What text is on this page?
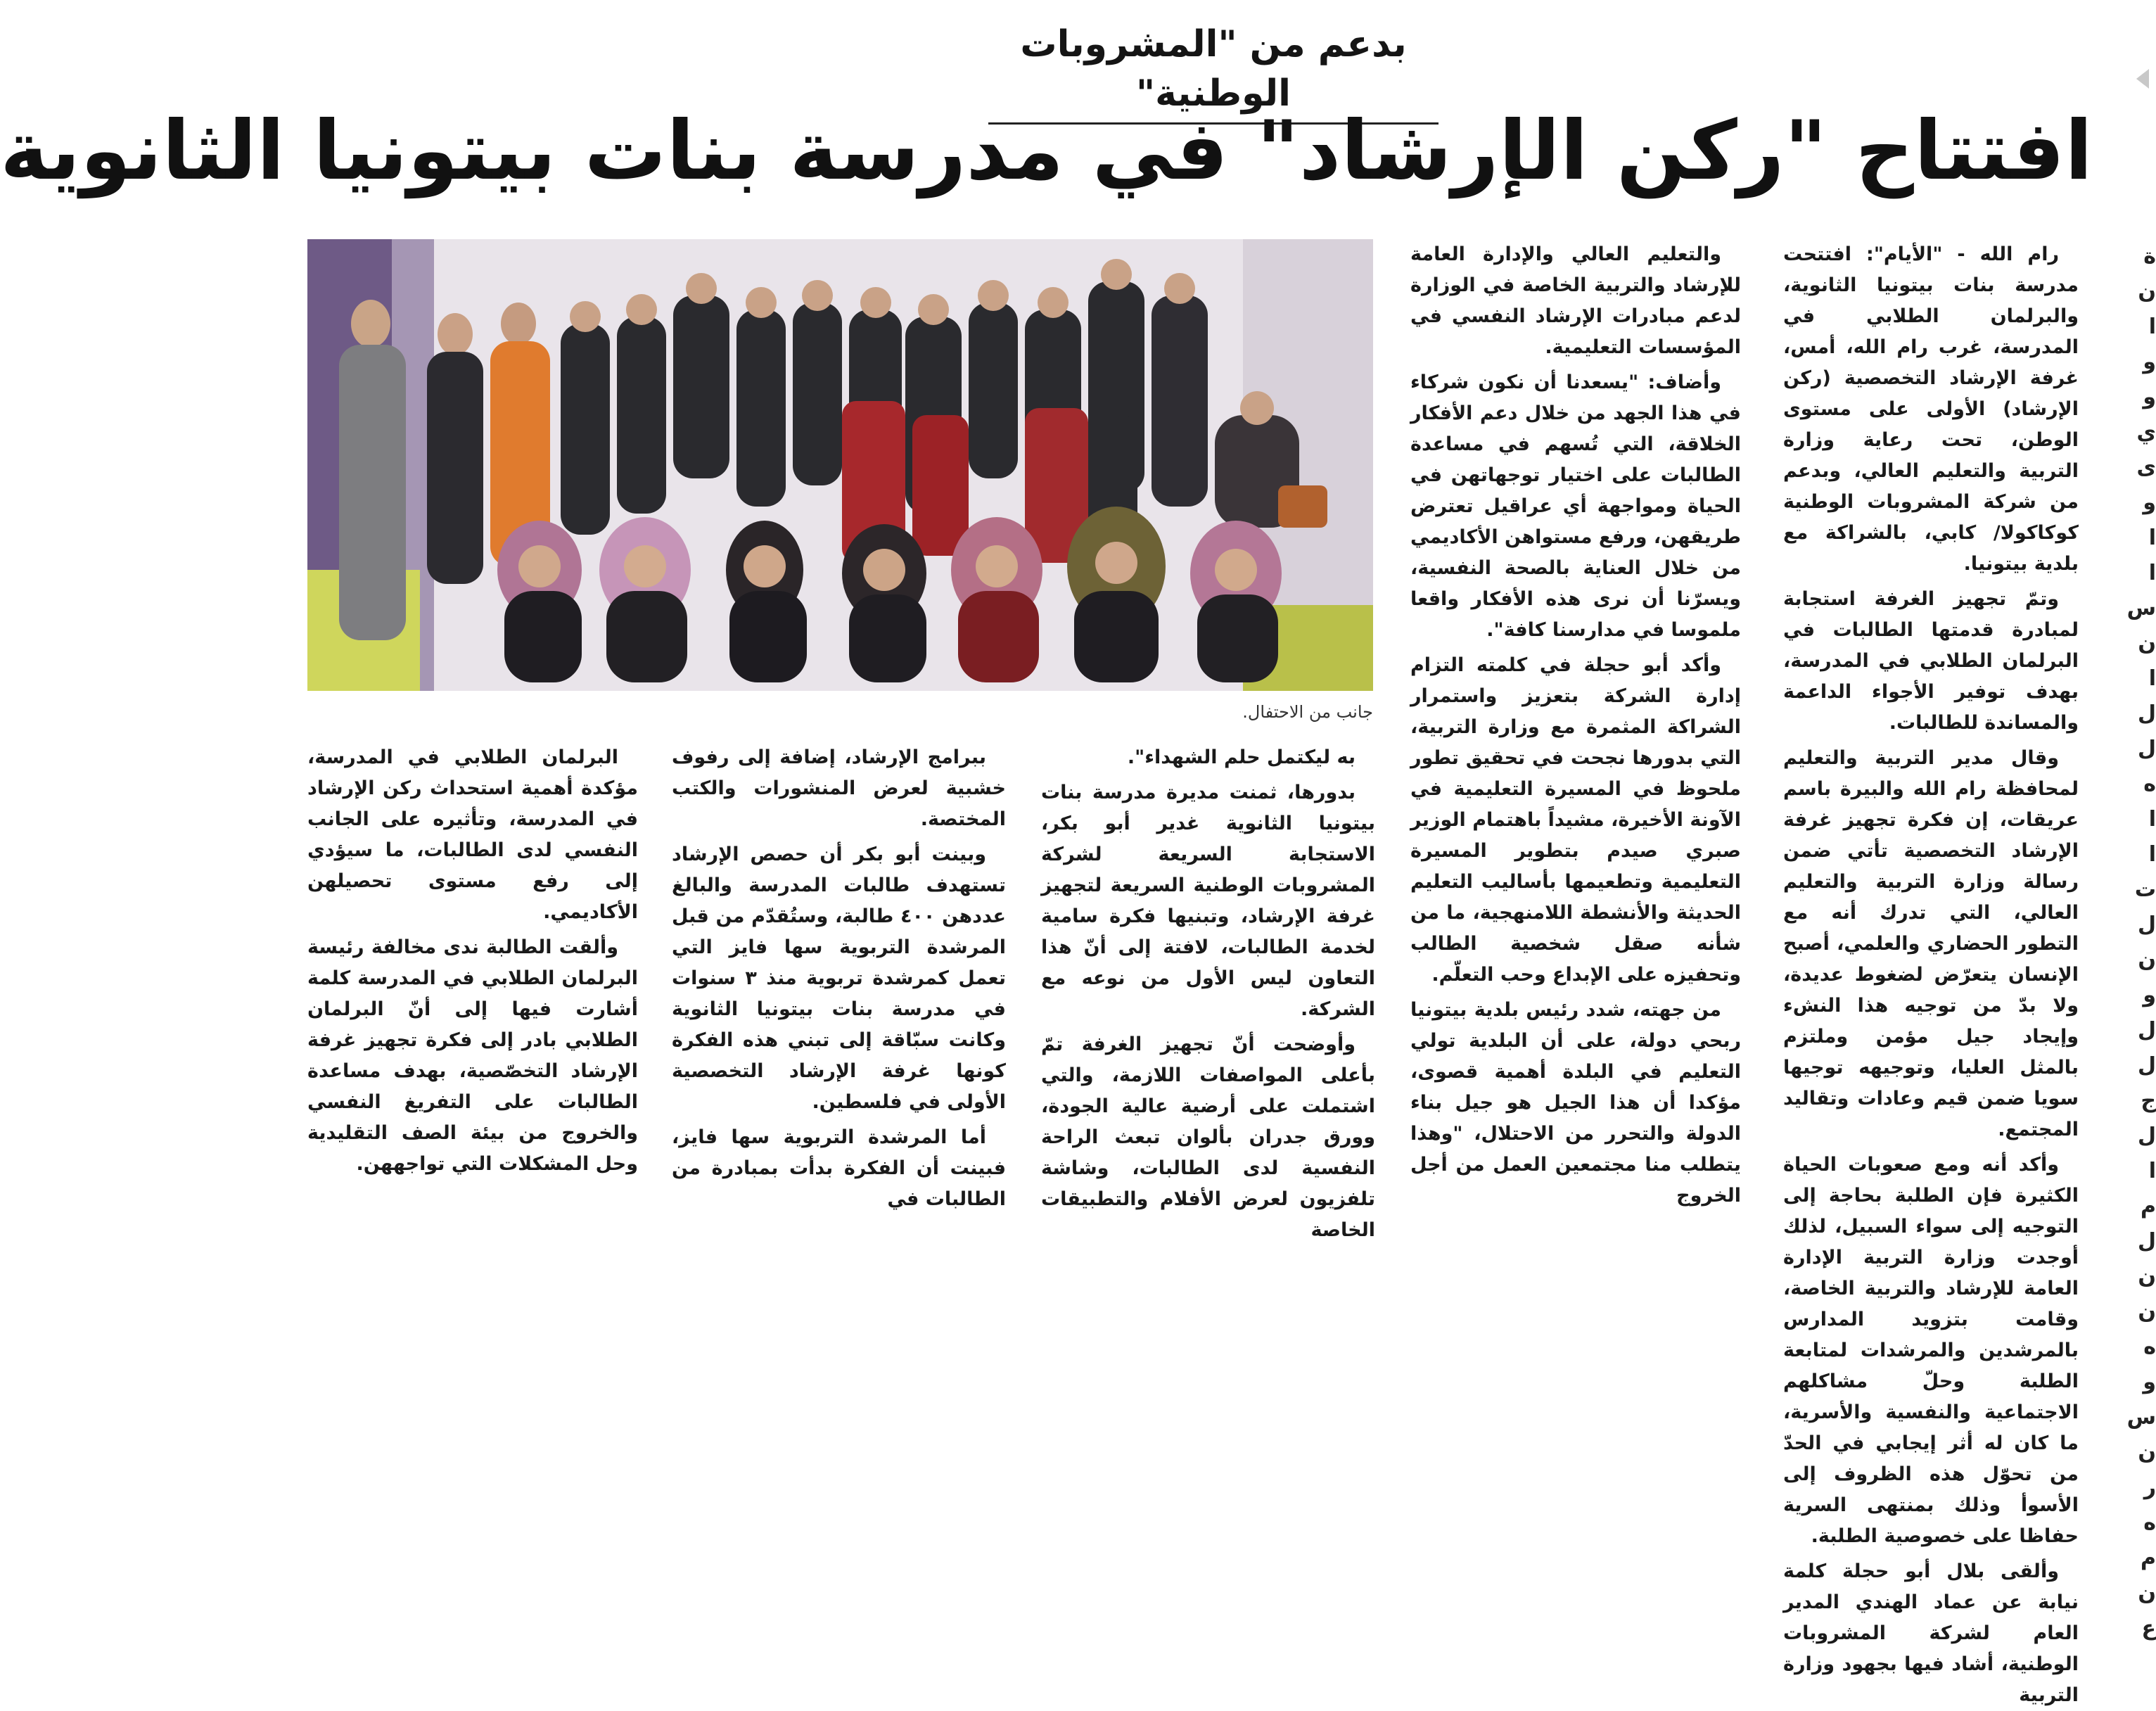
بدعم من "المشروبات الوطنية"
افتتاح "ركن الإرشاد" في مدرسة بنات بيتونيا الثانوية
جانب من الاحتفال.

رام الله - "الأيام": افتتحت مدرسة بنات بيتونيا الثانوية، والبرلمان الطلابي في المدرسة، غرب رام الله، أمس، غرفة الإرشاد التخصصية (ركن الإرشاد) الأولى على مستوى الوطن، تحت رعاية وزارة التربية والتعليم العالي، وبدعم من شركة المشروبات الوطنية كوكاكولا/ كابي، بالشراكة مع بلدية بيتونيا.

وتمّ تجهيز الغرفة استجابة لمبادرة قدمتها الطالبات في البرلمان الطلابي في المدرسة، بهدف توفير الأجواء الداعمة والمساندة للطالبات.

وقال مدير التربية والتعليم لمحافظة رام الله والبيرة باسم عريقات، إن فكرة تجهيز غرفة الإرشاد التخصصية تأتي ضمن رسالة وزارة التربية والتعليم العالي، التي تدرك أنه مع التطور الحضاري والعلمي، أصبح الإنسان يتعرّض لضغوط عديدة، ولا بدّ من توجيه هذا النشء وإيجاد جيل مؤمن وملتزم بالمثل العليا، وتوجيهه توجيها سويا ضمن قيم وعادات وتقاليد المجتمع.

وأكد أنه ومع صعوبات الحياة الكثيرة فإن الطلبة بحاجة إلى التوجيه إلى سواء السبيل، لذلك أوجدت وزارة التربية الإدارة العامة للإرشاد والتربية الخاصة، وقامت بتزويد المدارس بالمرشدين والمرشدات لمتابعة الطلبة وحلّ مشاكلهم الاجتماعية والنفسية والأسرية، ما كان له أثر إيجابي في الحدّ من تحوّل هذه الظروف إلى الأسوأ وذلك بمنتهى السرية حفاظا على خصوصية الطلبة.

وألقى بلال أبو حجلة كلمة نيابة عن عماد الهندي المدير العام لشركة المشروبات الوطنية، أشاد فيها بجهود وزارة التربية

والتعليم العالي والإدارة العامة للإرشاد والتربية الخاصة في الوزارة لدعم مبادرات الإرشاد النفسي في المؤسسات التعليمية.

وأضاف: "يسعدنا أن نكون شركاء في هذا الجهد من خلال دعم الأفكار الخلاقة، التي تُسهم في مساعدة الطالبات على اختيار توجهاتهن في الحياة ومواجهة أي عراقيل تعترض طريقهن، ورفع مستواهن الأكاديمي من خلال العناية بالصحة النفسية، ويسرّنا أن نرى هذه الأفكار واقعا ملموسا في مدارسنا كافة".

وأكد أبو حجلة في كلمته التزام إدارة الشركة بتعزيز واستمرار الشراكة المثمرة مع وزارة التربية، التي بدورها نجحت في تحقيق تطور ملحوظ في المسيرة التعليمية في الآونة الأخيرة، مشيداً باهتمام الوزير صبري صيدم بتطوير المسيرة التعليمية وتطعيمها بأساليب التعليم الحديثة والأنشطة اللامنهجية، ما من شأنه صقل شخصية الطالب وتحفيزه على الإبداع وحب التعلّم.

من جهته، شدد رئيس بلدية بيتونيا ربحي دولة، على أن البلدية تولي التعليم في البلدة أهمية قصوى، مؤكدا أن هذا الجيل هو جيل بناء الدولة والتحرر من الاحتلال، "وهذا يتطلب منا مجتمعين العمل من أجل الخروج

به ليكتمل حلم الشهداء".

بدورها، ثمنت مديرة مدرسة بنات بيتونيا الثانوية غدير أبو بكر، الاستجابة السريعة لشركة المشروبات الوطنية السريعة لتجهيز غرفة الإرشاد، وتبنيها فكرة سامية لخدمة الطالبات، لافتة إلى أنّ هذا التعاون ليس الأول من نوعه مع الشركة.

وأوضحت أنّ تجهيز الغرفة تمّ بأعلى المواصفات اللازمة، والتي اشتملت على أرضية عالية الجودة، وورق جدران بألوان تبعث الراحة النفسية لدى الطالبات، وشاشة تلفزيون لعرض الأفلام والتطبيقات الخاصة

ببرامج الإرشاد، إضافة إلى رفوف خشبية لعرض المنشورات والكتب المختصة.

وبينت أبو بكر أن حصص الإرشاد تستهدف طالبات المدرسة والبالغ عددهن ٤٠٠ طالبة، وستُقدّم من قبل المرشدة التربوية سها فايز التي تعمل كمرشدة تربوية منذ ٣ سنوات في مدرسة بنات بيتونيا الثانوية وكانت سبّاقة إلى تبني هذه الفكرة كونها غرفة الإرشاد التخصصية الأولى في فلسطين.

أما المرشدة التربوية سها فايز، فبينت أن الفكرة بدأت بمبادرة من الطالبات في

البرلمان الطلابي في المدرسة، مؤكدة أهمية استحداث ركن الإرشاد في المدرسة، وتأثيره على الجانب النفسي لدى الطالبات، ما سيؤدي إلى رفع مستوى تحصيلهن الأكاديمي.

وألقت الطالبة ندى مخالفة رئيسة البرلمان الطلابي في المدرسة كلمة أشارت فيها إلى أنّ البرلمان الطلابي بادر إلى فكرة تجهيز غرفة الإرشاد التخصّصية، بهدف مساعدة الطالبات على التفريغ النفسي والخروج من بيئة الصف التقليدية وحل المشكلات التي تواجههن.

ة
ن
ا
و
و
ي
ى
و
ا
ا
س
ن
ا
ل
ل
ه
ا
ا
ت
ل
ن
و
ل
ل
ج
ل
ا
م
ل
ن
ن
ه
و
س
ن
ر
ه
م
ن
ع
